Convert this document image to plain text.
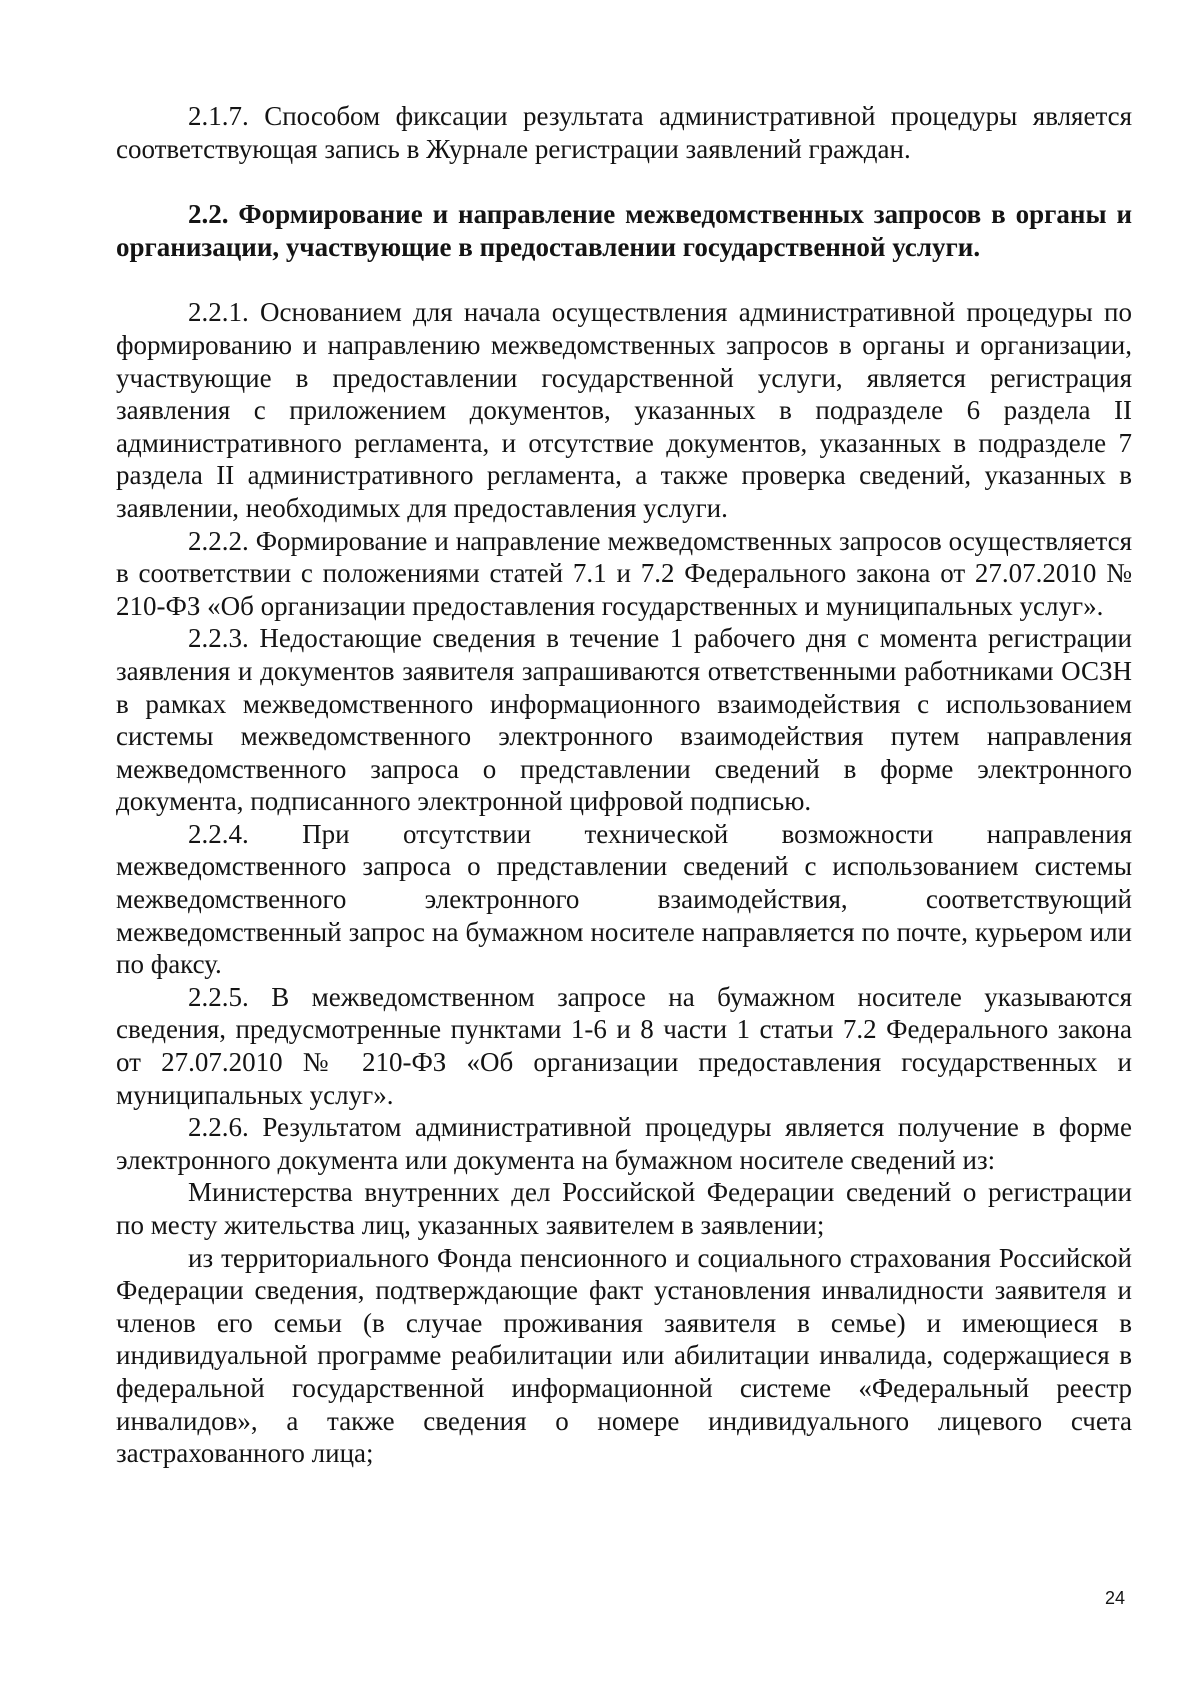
2.1.7. Способом фиксации результата административной процедуры является соответствующая запись в Журнале регистрации заявлений граждан.

2.2. Формирование и направление межведомственных запросов в органы и организации, участвующие в предоставлении государственной услуги.

2.2.1. Основанием для начала осуществления административной процедуры по формированию и направлению межведомственных запросов в органы и организации, участвующие в предоставлении государственной услуги, является регистрация заявления с приложением документов, указанных в подразделе 6 раздела II административного регламента, и отсутствие документов, указанных в подразделе 7 раздела II административного регламента, а также проверка сведений, указанных в заявлении, необходимых для предоставления услуги.

2.2.2. Формирование и направление межведомственных запросов осуществляется в соответствии с положениями статей 7.1 и 7.2 Федерального закона от 27.07.2010 № 210-ФЗ «Об организации предоставления государственных и муниципальных услуг».

2.2.3. Недостающие сведения в течение 1 рабочего дня с момента регистрации заявления и документов заявителя запрашиваются ответственными работниками ОСЗН в рамках межведомственного информационного взаимодействия с использованием системы межведомственного электронного взаимодействия путем направления межведомственного запроса о представлении сведений в форме электронного документа, подписанного электронной цифровой подписью.

2.2.4. При отсутствии технической возможности направления межведомственного запроса о представлении сведений с использованием системы межведомственного электронного взаимодействия, соответствующий межведомственный запрос на бумажном носителе направляется по почте, курьером или по факсу.

2.2.5. В межведомственном запросе на бумажном носителе указываются сведения, предусмотренные пунктами 1-6 и 8 части 1 статьи 7.2 Федерального закона от 27.07.2010 № 210-ФЗ «Об организации предоставления государственных и муниципальных услуг».

2.2.6. Результатом административной процедуры является получение в форме электронного документа или документа на бумажном носителе сведений из:

Министерства внутренних дел Российской Федерации сведений о регистрации по месту жительства лиц, указанных заявителем в заявлении;

из территориального Фонда пенсионного и социального страхования Российской Федерации сведения, подтверждающие факт установления инвалидности заявителя и членов его семьи (в случае проживания заявителя в семье) и имеющиеся в индивидуальной программе реабилитации или абилитации инвалида, содержащиеся в федеральной государственной информационной системе «Федеральный реестр инвалидов», а также сведения о номере индивидуального лицевого счета застрахованного лица;

24
